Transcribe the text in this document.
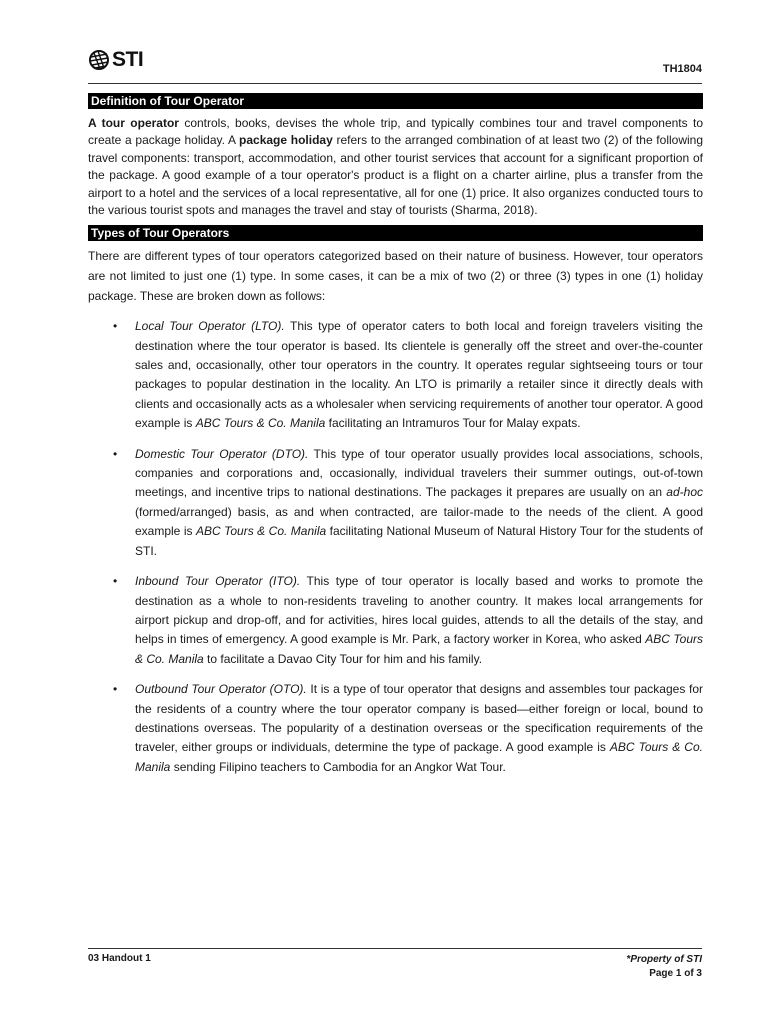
STI	TH1804
Definition of Tour Operator

A tour operator controls, books, devises the whole trip, and typically combines tour and travel components to create a package holiday. A package holiday refers to the arranged combination of at least two (2) of the following travel components: transport, accommodation, and other tourist services that account for a significant proportion of the package. A good example of a tour operator's product is a flight on a charter airline, plus a transfer from the airport to a hotel and the services of a local representative, all for one (1) price. It also organizes conducted tours to the various tourist spots and manages the travel and stay of tourists (Sharma, 2018).

Types of Tour Operators

There are different types of tour operators categorized based on their nature of business. However, tour operators are not limited to just one (1) type. In some cases, it can be a mix of two (2) or three (3) types in one (1) holiday package. These are broken down as follows:

• Local Tour Operator (LTO). This type of operator caters to both local and foreign travelers visiting the destination where the tour operator is based. Its clientele is generally off the street and over-the-counter sales and, occasionally, other tour operators in the country. It operates regular sightseeing tours or tour packages to popular destination in the locality. An LTO is primarily a retailer since it directly deals with clients and occasionally acts as a wholesaler when servicing requirements of another tour operator. A good example is ABC Tours & Co. Manila facilitating an Intramuros Tour for Malay expats.
• Domestic Tour Operator (DTO). This type of tour operator usually provides local associations, schools, companies and corporations and, occasionally, individual travelers their summer outings, out-of-town meetings, and incentive trips to national destinations. The packages it prepares are usually on an ad-hoc (formed/arranged) basis, as and when contracted, are tailor-made to the needs of the client. A good example is ABC Tours & Co. Manila facilitating National Museum of Natural History Tour for the students of STI.
• Inbound Tour Operator (ITO). This type of tour operator is locally based and works to promote the destination as a whole to non-residents traveling to another country. It makes local arrangements for airport pickup and drop-off, and for activities, hires local guides, attends to all the details of the stay, and helps in times of emergency. A good example is Mr. Park, a factory worker in Korea, who asked ABC Tours & Co. Manila to facilitate a Davao City Tour for him and his family.
• Outbound Tour Operator (OTO). It is a type of tour operator that designs and assembles tour packages for the residents of a country where the tour operator company is based—either foreign or local, bound to destinations overseas. The popularity of a destination overseas or the specification requirements of the traveler, either groups or individuals, determine the type of package. A good example is ABC Tours & Co. Manila sending Filipino teachers to Cambodia for an Angkor Wat Tour.
03 Handout 1	*Property of STI
Page 1 of 3
